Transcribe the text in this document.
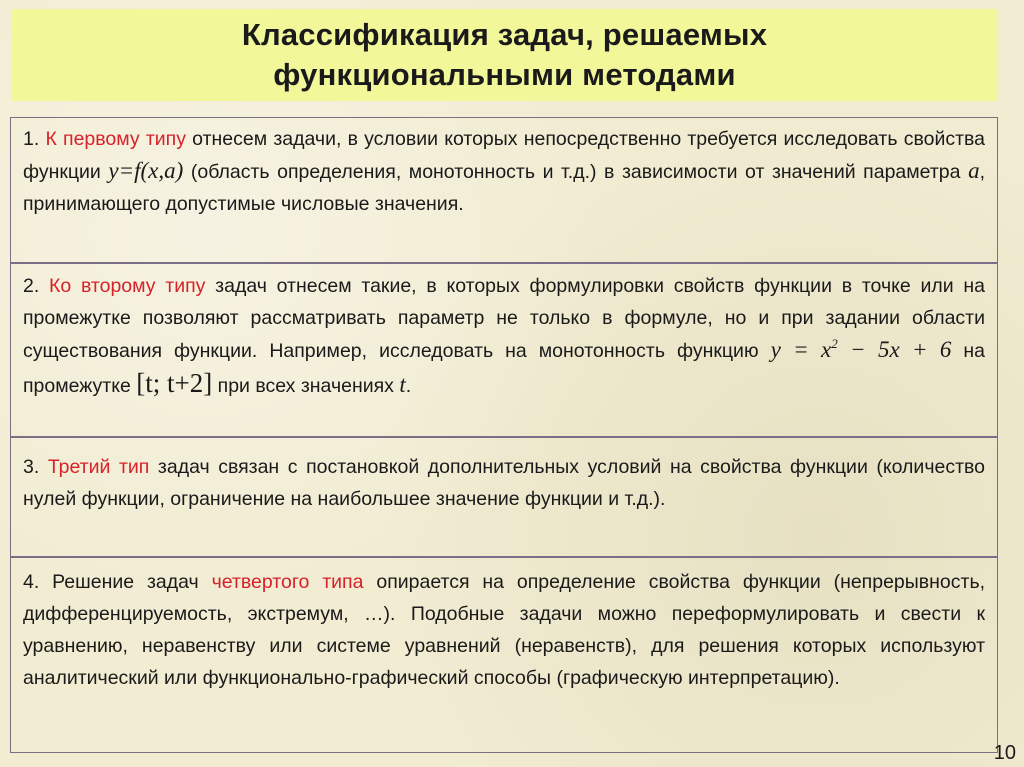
Классификация задач, решаемых
функциональными методами
1. К первому типу отнесем задачи, в условии которых непосредственно требуется исследовать свойства функции y=f(x,a) (область определения, монотонность и т.д.) в зависимости от значений параметра a, принимающего допустимые числовые значения.
2. Ко второму типу задач отнесем такие, в которых формулировки свойств функции в точке или на промежутке позволяют рассматривать параметр не только в формуле, но и при задании области существования функции. Например, исследовать на монотонность функцию $y = x^2 - 5x + 6$ на промежутке [t; t+2] при всех значениях t.
3. Третий тип задач связан с постановкой дополнительных условий на свойства функции (количество нулей функции, ограничение на наибольшее значение функции и т.д.).
4. Решение задач четвертого типа опирается на определение свойства функции (непрерывность, дифференцируемость, экстремум, …). Подобные задачи можно переформулировать и свести к уравнению, неравенству или системе уравнений (неравенств), для решения которых используют аналитический или функционально-графический способы (графическую интерпретацию).
10
